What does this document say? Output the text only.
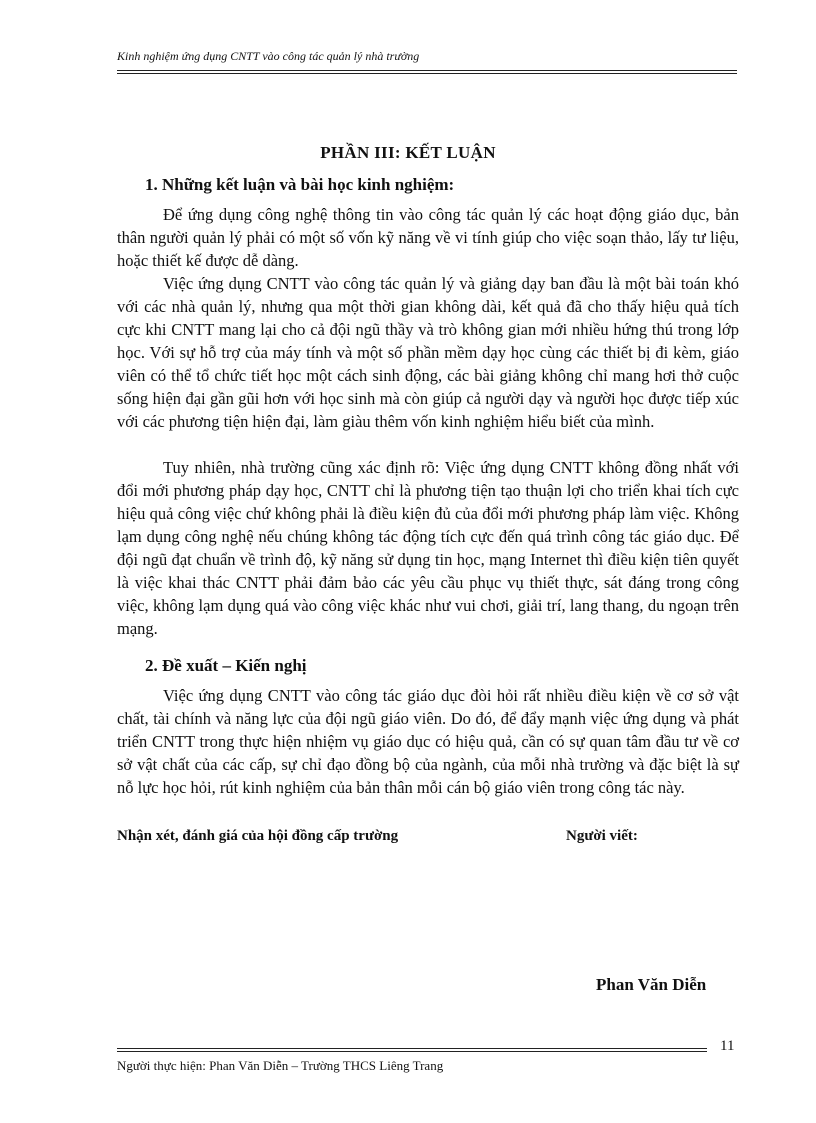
Kinh nghiệm ứng dụng CNTT vào công tác quản lý nhà trường
PHẦN III: KẾT LUẬN
1. Những kết luận và bài học kinh nghiệm:

Để ứng dụng công nghệ thông tin vào công tác quản lý các hoạt động giáo dục, bản thân người quản lý phải có một số vốn kỹ năng về vi tính giúp cho việc soạn thảo, lấy tư liệu, hoặc thiết kế được dễ dàng.

Việc ứng dụng CNTT vào công tác quản lý và giảng dạy ban đầu là một bài toán khó với các nhà quản lý, nhưng qua một thời gian không dài, kết quả đã cho thấy hiệu quả tích cực khi CNTT mang lại cho cả đội ngũ thầy và trò không gian mới nhiều hứng thú trong lớp học. Với sự hỗ trợ của máy tính và một số phần mềm dạy học cùng các thiết bị đi kèm, giáo viên có thể tổ chức tiết học một cách sinh động, các bài giảng không chỉ mang hơi thở cuộc sống hiện đại gần gũi hơn với học sinh mà còn giúp cả người dạy và người học được tiếp xúc với các phương tiện hiện đại, làm giàu thêm vốn kinh nghiệm hiểu biết của mình.

Tuy nhiên, nhà trường cũng xác định rõ: Việc ứng dụng CNTT không đồng nhất với đổi mới phương pháp dạy học, CNTT chỉ là phương tiện tạo thuận lợi cho triển khai tích cực hiệu quả công việc chứ không phải là điều kiện đủ của đổi mới phương pháp làm việc. Không lạm dụng công nghệ nếu chúng không tác động tích cực đến quá trình công tác giáo dục. Để đội ngũ đạt chuẩn về trình độ, kỹ năng sử dụng tin học, mạng Internet thì điều kiện tiên quyết là việc khai thác CNTT phải đảm bảo các yêu cầu phục vụ thiết thực, sát đáng trong công việc, không lạm dụng quá vào công việc khác như vui chơi, giải trí, lang thang, du ngoạn trên mạng.

2. Đề xuất – Kiến nghị

Việc ứng dụng CNTT vào công tác giáo dục đòi hỏi rất nhiều điều kiện về cơ sở vật chất, tài chính và năng lực của đội ngũ giáo viên. Do đó, để đẩy mạnh việc ứng dụng và phát triển CNTT trong thực hiện nhiệm vụ giáo dục có hiệu quả, cần có sự quan tâm đầu tư về cơ sở vật chất của các cấp, sự chỉ đạo đồng bộ của ngành, của mỗi nhà trường và đặc biệt là sự nỗ lực học hỏi, rút kinh nghiệm của bản thân mỗi cán bộ giáo viên trong công tác này.

Nhận xét, đánh giá của hội đồng cấp trường	Người viết:
Phan Văn Diễn
11
Người thực hiện: Phan Văn Diễn – Trường THCS Liêng Trang
